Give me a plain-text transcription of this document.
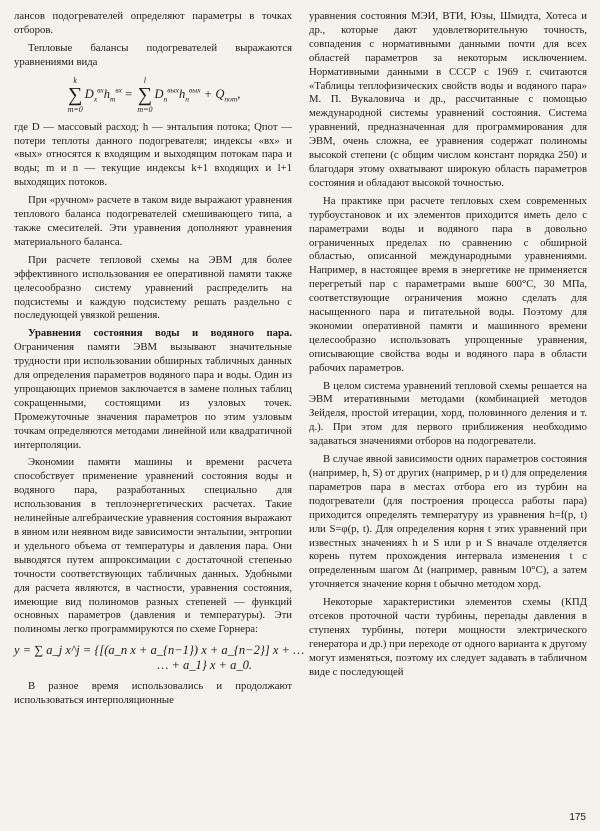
лансов подогревателей определяют параметры в точках отборов.

Тепловые балансы подогревателей выражаются уравнениями вида

k
∑
m=0
$D_x^{вх}h_m^{вх}$ =
l
∑
m=0
$D_n^{вых}h_n^{вых} + Q_{пот}$,

где D — массовый расход; h — энтальпия потока; Qпот — потери теплоты данного подогревателя; индексы «вх» и «вых» относятся к входящим и выходящим потокам пара и воды; m и n — текущие индексы k+1 входящих и l+1 выходящих потоков.

При «ручном» расчете в таком виде выражают уравнения теплового баланса подогревателей смешивающего типа, а также смесителей. Эти уравнения дополняют уравнения материального баланса.

При расчете тепловой схемы на ЭВМ для более эффективного использования ее оперативной памяти также целесообразно систему уравнений распределить на подсистемы и каждую подсистему решать раздельно с последующей увязкой решения.

Уравнения состояния воды и водяного пара. Ограничения памяти ЭВМ вызывают значительные трудности при использовании обширных табличных данных для определения параметров водяного пара и воды. Один из упрощающих приемов заключается в замене полных таблиц сокращенными, состоящими из узловых точек. Промежуточные значения параметров по этим узловым точкам определяются методами линейной или квадратичной интерполяции.

Экономии памяти машины и времени расчета способствует применение уравнений состояния воды и водяного пара, разработанных специально для использования в теплоэнергетических расчетах. Такие нелинейные алгебраические уравнения состояния выражают в явном или неявном виде зависимости энтальпии, энтропии и удельного объема от температуры и давления пара. Они выводятся путем аппроксимации с достаточной степенью точности соответствующих табличных данных. Удобными для расчета являются, в частности, уравнения состояния, имеющие вид полиномов разных степеней — функций основных параметров (давления и температуры). Эти полиномы легко программируются по схеме Горнера:

y = ∑ a_j x^j = {[(a_n x + a_{n−1}) x + a_{n−2}] x + …
… + a_1} x + a_0.

В разное время использовались и продолжают использоваться интерполяционные

уравнения состояния МЭИ, ВТИ, Юзы, Шмидта, Хотеса и др., которые дают удовлетворительную точность, совпадения с нормативными данными почти для всех областей параметров за некоторым исключением. Нормативными данными в СССР с 1969 г. считаются «Таблицы теплофизических свойств воды и водяного пара» М. П. Вукаловича и др., рассчитанные с помощью международной системы уравнений состояния. Система уравнений, предназначенная для программирования для ЭВМ, очень сложна, ее уравнения содержат полиномы высокой степени (с общим числом констант порядка 250) и благодаря этому охватывают широкую область параметров состояния и обладают высокой точностью.

На практике при расчете тепловых схем современных турбоустановок и их элементов приходится иметь дело с параметрами воды и водяного пара в довольно ограниченных пределах по сравнению с обширной областью, описанной международными уравнениями. Например, в настоящее время в энергетике не применяется перегретый пар с параметрами выше 600°С, 30 МПа, соответствующие ограничения можно сделать для насыщенного пара и питательной воды. Поэтому для экономии оперативной памяти и машинного времени целесообразно использовать упрощенные уравнения, описывающие свойства воды и водяного пара в области рабочих параметров.

В целом система уравнений тепловой схемы решается на ЭВМ итеративными методами (комбинацией методов Зейделя, простой итерации, хорд, половинного деления и т. д.). При этом для первого приближения необходимо задаваться значениями отборов на подогреватели.

В случае явной зависимости одних параметров состояния (например, h, S) от других (например, p и t) для определения параметров пара в местах отбора его из турбин на подогреватели (для построения процесса работы пара) приходится определять температуру из уравнения h=f(p, t) или S=φ(p, t). Для определения корня t этих уравнений при известных значениях h и S или p и S вначале отделяется корень путем прохождения интервала изменения t с определенным шагом Δt (например, равным 10°С), а затем уточняется значение корня t обычно методом хорд.

Некоторые характеристики элементов схемы (КПД отсеков проточной части турбины, перепады давления в ступенях турбины, потери мощности электрического генератора и др.) при переходе от одного варианта к другому могут изменяться, поэтому их следует задавать в табличном виде с последующей

175
